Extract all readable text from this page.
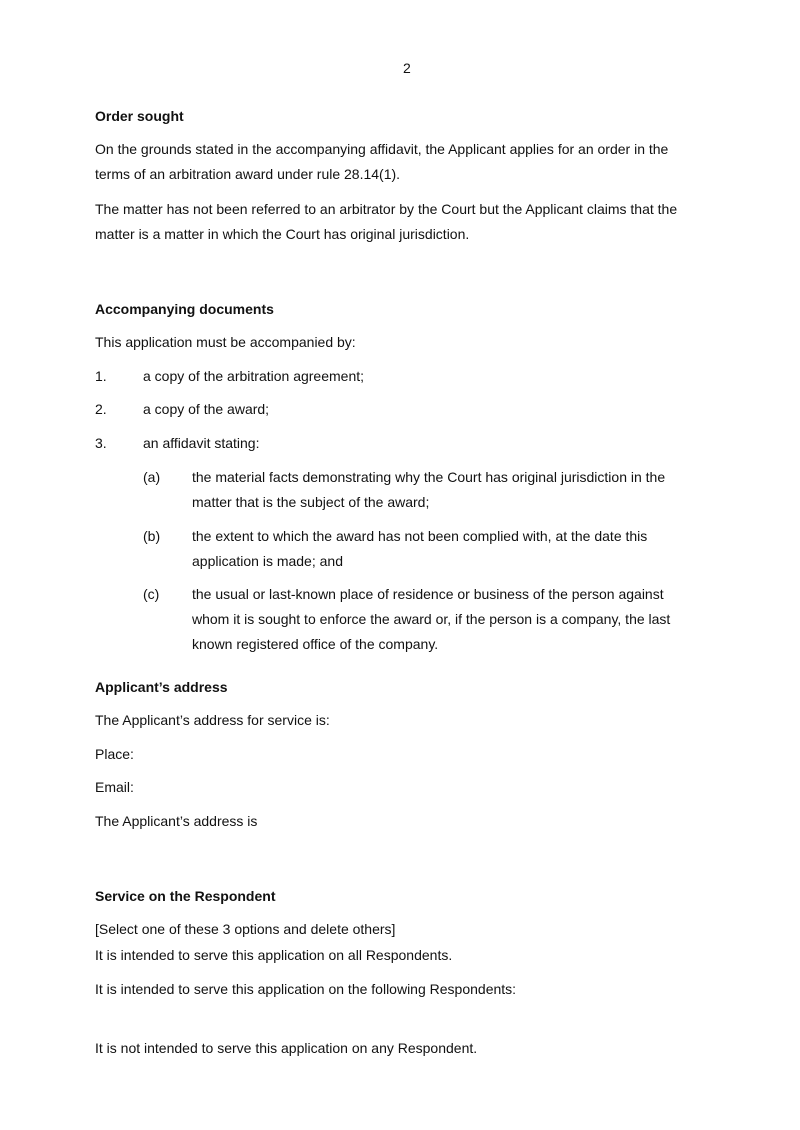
2
Order sought
On the grounds stated in the accompanying affidavit, the Applicant applies for an order in the
terms of an arbitration award under rule 28.14(1).
The matter has not been referred to an arbitrator by the Court but the Applicant claims that the
matter is a matter in which the Court has original jurisdiction.
Accompanying documents
This application must be accompanied by:
1.	a copy of the arbitration agreement;
2.	a copy of the award;
3.	an affidavit stating:
(a) the material facts demonstrating why the Court has original jurisdiction in the
matter that is the subject of the award;
(b) the extent to which the award has not been complied with, at the date this
application is made; and
(c) the usual or last-known place of residence or business of the person against
whom it is sought to enforce the award or, if the person is a company, the last
known registered office of the company.
Applicant’s address
The Applicant’s address for service is:
Place:
Email:
The Applicant’s address is
Service on the Respondent
[Select one of these 3 options and delete others]
It is intended to serve this application on all Respondents.
It is intended to serve this application on the following Respondents:
It is not intended to serve this application on any Respondent.
